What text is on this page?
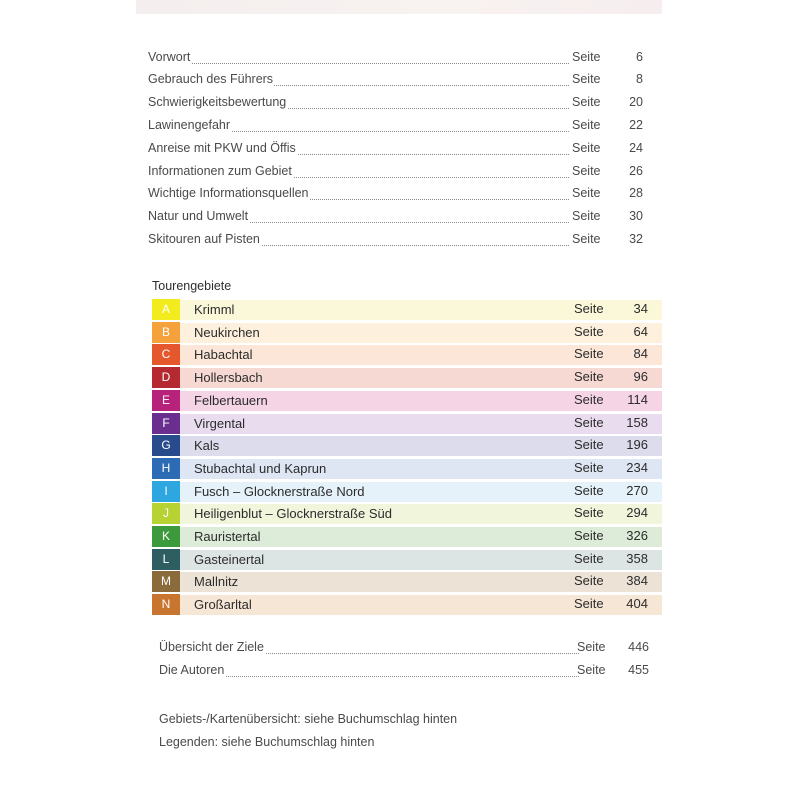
Vorwort	Seite	6
Gebrauch des Führers	Seite	8
Schwierigkeitsbewertung	Seite	20
Lawinengefahr	Seite	22
Anreise mit PKW und Öffis	Seite	24
Informationen zum Gebiet	Seite	26
Wichtige Informationsquellen	Seite	28
Natur und Umwelt	Seite	30
Skitouren auf Pisten	Seite	32
Tourengebiete
A	Krimml	Seite	34
B	Neukirchen	Seite	64
C	Habachtal	Seite	84
D	Hollersbach	Seite	96
E	Felbertauern	Seite	114
F	Virgental	Seite	158
G	Kals	Seite	196
H	Stubachtal und Kaprun	Seite	234
I	Fusch – Glocknerstraße Nord	Seite	270
J	Heiligenblut – Glocknerstraße Süd	Seite	294
K	Rauristertal	Seite	326
L	Gasteinertal	Seite	358
M	Mallnitz	Seite	384
N	Großarltal	Seite	404
Übersicht der Ziele	Seite	446
Die Autoren	Seite	455
Gebiets-/Kartenübersicht: siehe Buchumschlag hinten
Legenden: siehe Buchumschlag hinten
